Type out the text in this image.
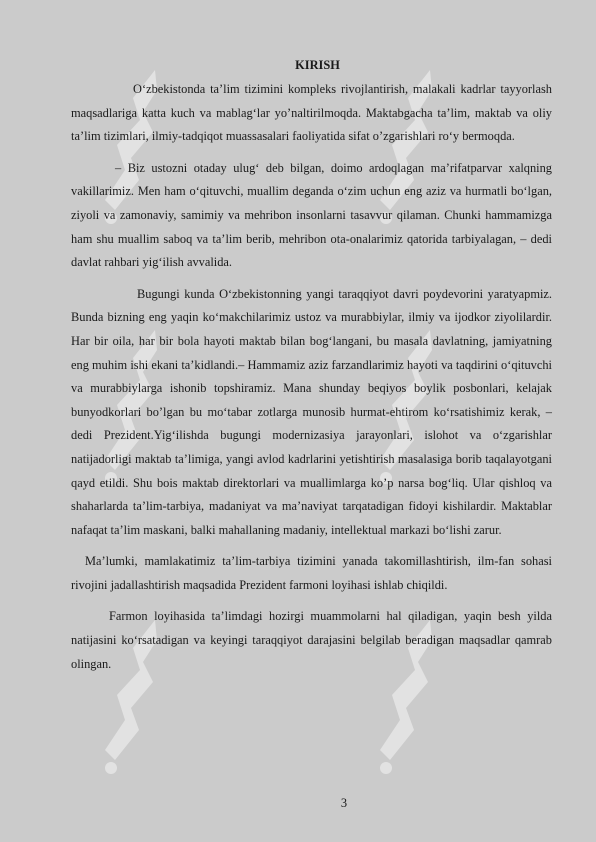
KIRISH

O‘zbekistonda ta’lim tizimini kompleks rivojlantirish, malakali kadrlar tayyorlash maqsadlariga katta kuch va mablag‘lar yo’naltirilmoqda. Maktabgacha ta’lim, maktab va oliy ta’lim tizimlari, ilmiy-tadqiqot muassasalari faoliyatida sifat o’zgarishlari ro‘y bermoqda.

– Biz ustozni otaday ulug‘ deb bilgan, doimo ardoqlagan ma’rifatparvar xalqning vakillarimiz. Men ham o‘qituvchi, muallim deganda o‘zim uchun eng aziz va hurmatli bo‘lgan, ziyoli va zamonaviy, samimiy va mehribon insonlarni tasavvur qilaman. Chunki hammamizga ham shu muallim saboq va ta’lim berib, mehribon ota-onalarimiz qatorida tarbiyalagan, – dedi davlat rahbari yig‘ilish avvalida.

Bugungi kunda O‘zbekistonning yangi taraqqiyot davri poydevorini yaratyapmiz. Bunda bizning eng yaqin ko‘makchilarimiz ustoz va murabbiylar, ilmiy va ijodkor ziyolilardir. Har bir oila, har bir bola hayoti maktab bilan bog‘langani, bu masala davlatning, jamiyatning eng muhim ishi ekani ta’kidlandi.– Hammamiz aziz farzandlarimiz hayoti va taqdirini o‘qituvchi va murabbiylarga ishonib topshiramiz. Mana shunday beqiyos boylik posbonlari, kelajak bunyodkorlari bo’lgan bu mo‘tabar zotlarga munosib hurmat-ehtirom ko‘rsatishimiz kerak, – dedi Prezident.Yig‘ilishda bugungi modernizasiya jarayonlari, islohot va o‘zgarishlar natijadorligi maktab ta’limiga, yangi avlod kadrlarini yetishtirish masalasiga borib taqalayotgani qayd etildi. Shu bois maktab direktorlari va muallimlarga ko’p narsa bog‘liq. Ular qishloq va shaharlarda ta’lim-tarbiya, madaniyat va ma’naviyat tarqatadigan fidoyi kishilardir. Maktablar nafaqat ta’lim maskani, balki mahallaning madaniy, intellektual markazi bo‘lishi zarur.

Ma’lumki, mamlakatimiz ta’lim-tarbiya tizimini yanada takomillashtirish, ilm-fan sohasi rivojini jadallashtirish maqsadida Prezident farmoni loyihasi ishlab chiqildi.

Farmon loyihasida ta’limdagi hozirgi muammolarni hal qiladigan, yaqin besh yilda natijasini ko‘rsatadigan va keyingi taraqqiyot darajasini belgilab beradigan maqsadlar qamrab olingan.

3
